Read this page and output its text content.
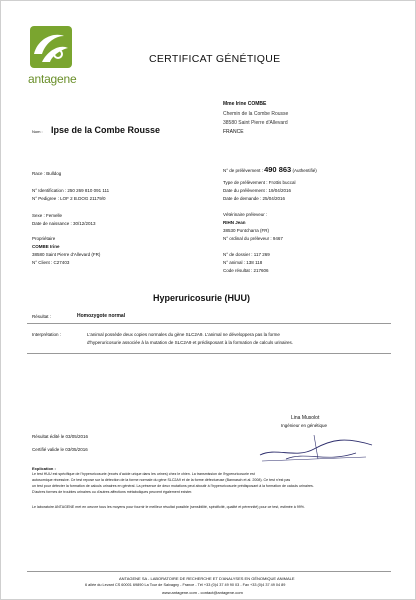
antagene
CERTIFICAT GÉNÉTIQUE
Mme Irine COMBE
Chemin de la Combe Rousse
38580 Saint Pierre d'Allevard
FRANCE
Nom : Ipse de la Combe Rousse
Race : Bulldog
N° Identification : 250 269 810 091 111
N° Pedigree : LOF 2 B.DOG 21179/0
Sexe : Femelle
Date de naissance : 30/12/2013
Propriétaire
COMBE Irine
38580 Saint Pierre d'Allevard (FR)
N° Client : C27403
N° de prélèvement : 490 863 (Authentifié)
Type de prélèvement : Frottis buccal
Date du prélèvement : 19/04/2016
Date de demande : 25/04/2016
Vétérinaire préleveur :
RIHN Jean
38530 Pontcharra (FR)
N° ordinal du préleveur : 9467
N° de dossier : 117 269
N° animal : 138 118
Code résultat : 217606
Hyperuricosurie (HUU)
Résultat :	Homozygote normal
Interprétation :	L'animal possède deux copies normales du gène SLC2A9. L'animal ne développera pas la forme
d'hyperuricosurie associée à la mutation de SLC2A9 et prédisposant à la formation de calculs urinaires.
Lina Musolot
Ingénieur en génétique
Résultat édité le 03/05/2016
Certifié valide le 03/05/2016
Explication :
Le test HUU est spécifique de l'hyperuricosurie (excès d'acide urique dans les urines) chez le chien. La transmission de l'hyperuricosurie est
autosomique récessive. Ce test repose sur la détection de la forme normale du gène SLC2A9 et de la forme défectueuse (Bannasch et al. 2008). Ce test n'est pas
un test pour détecter la formation de calculs urinaires en général. La présence de deux mutations peut aboutir à l'hyperuricosurie prédisposant à la formation de calculs urinaires.
D'autres formes de troubles urinaires ou d'autres affections métaboliques peuvent également exister.
Le laboratoire ANTAGENE met en oeuvre tous les moyens pour fournir le meilleur résultat possible (sensibilité, spécificité, qualité et pérennité) pour ce test, estimée à 99%.
ANTAGENE SA - LABORATOIRE DE RECHERCHE ET D'ANALYSES EN GÉNOMIQUE ANIMALE
6 allée du Levant CS 60001 69890 La Tour de Salvagny - France - Tél +33 (0)4 37 49 90 03 - Fax +33 (0)4 37 49 04 89
www.antagene.com - contact@antagene.com
